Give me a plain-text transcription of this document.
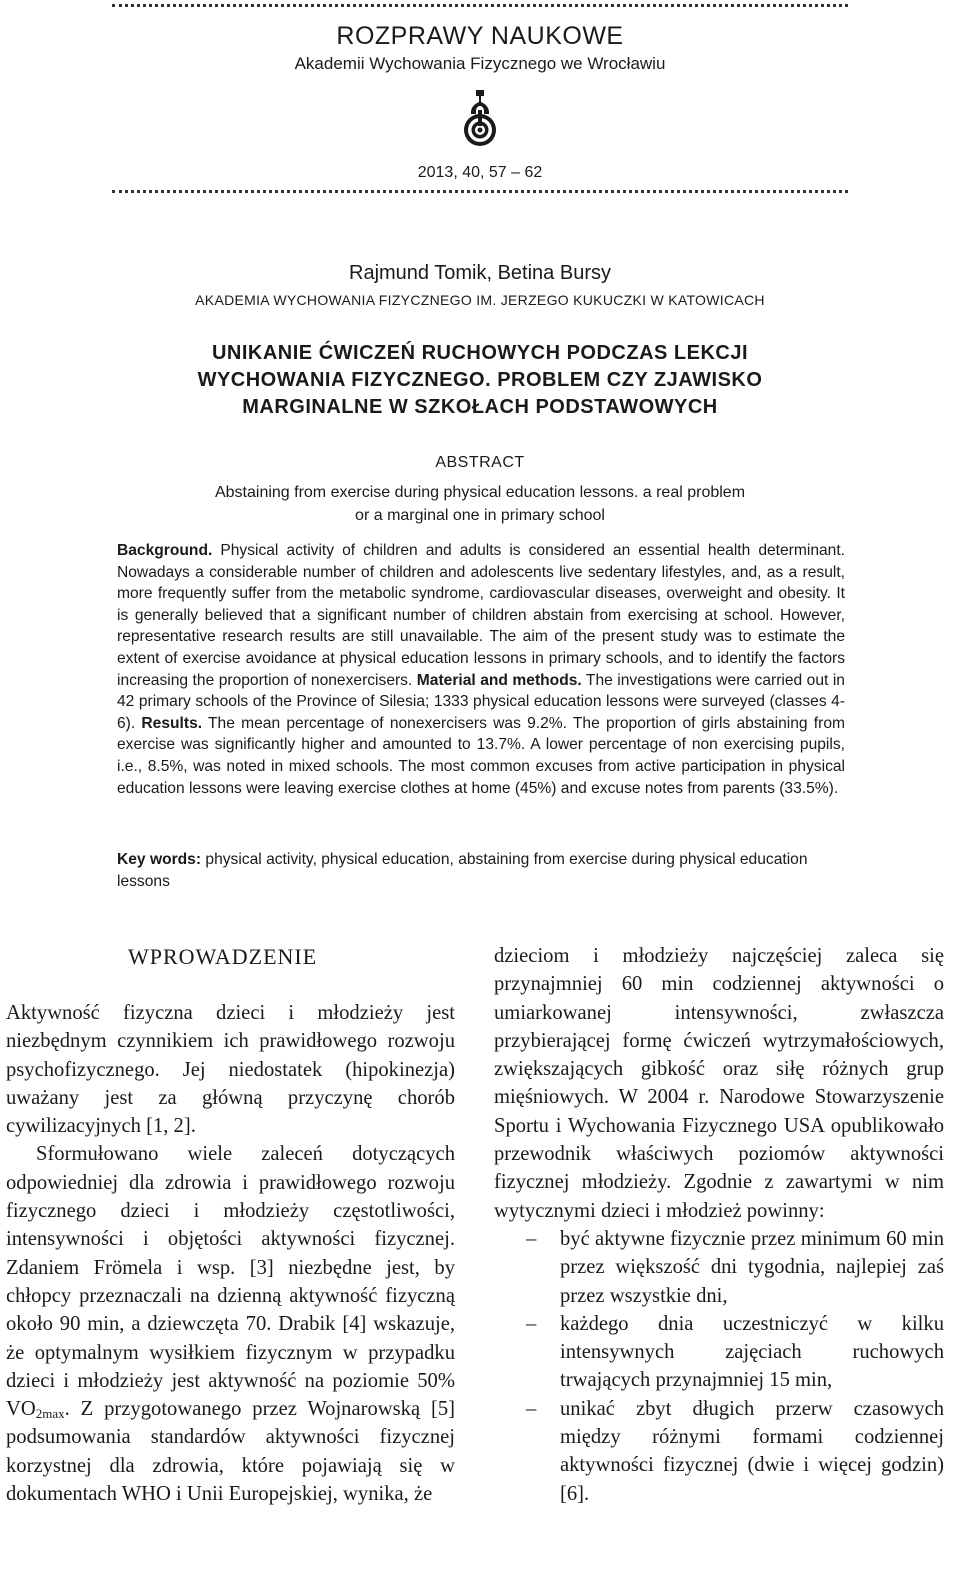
ROZPRAWY NAUKOWE
Akademii Wychowania Fizycznego we Wrocławiu
2013, 40, 57 – 62
Rajmund Tomik, Betina Bursy
AKADEMIA WYCHOWANIA FIZYCZNEGO IM. JERZEGO KUKUCZKI W KATOWICACH
UNIKANIE ĆWICZEŃ RUCHOWYCH PODCZAS LEKCJI
WYCHOWANIA FIZYCZNEGO. PROBLEM CZY ZJAWISKO
MARGINALNE W SZKOŁACH PODSTAWOWYCH
ABSTRACT
Abstaining from exercise during physical education lessons. a real problem
or a marginal one in primary school
Background. Physical activity of children and adults is considered an essential health determinant. Nowadays a considerable number of children and adolescents live sedentary lifestyles, and, as a result, more frequently suffer from the metabolic syndrome, cardiovascular diseases, overweight and obesity. It is generally believed that a significant number of children abstain from exercising at school. However, representative research results are still unavailable. The aim of the present study was to estimate the extent of exercise avoidance at physical education lessons in primary schools, and to identify the factors increasing the proportion of nonexercisers. Material and methods. The investigations were carried out in 42 primary schools of the Province of Silesia; 1333 physical education lessons were surveyed (classes 4-6). Results. The mean percentage of nonexercisers was 9.2%. The proportion of girls abstaining from exercise was significantly higher and amounted to 13.7%. A lower percentage of non exercising pupils, i.e., 8.5%, was noted in mixed schools. The most common excuses from active participation in physical education lessons were leaving exercise clothes at home (45%) and excuse notes from parents (33.5%).
Key words: physical activity, physical education, abstaining from exercise during physical education lessons
WPROWADZENIE

Aktywność fizyczna dzieci i młodzieży jest niezbędnym czynnikiem ich prawidłowego rozwoju psychofizycznego. Jej niedostatek (hipokinezja) uważany jest za główną przyczynę chorób cywilizacyjnych [1, 2].

Sformułowano wiele zaleceń dotyczących odpowiedniej dla zdrowia i prawidłowego rozwoju fizycznego dzieci i młodzieży częstotliwości, intensywności i objętości aktywności fizycznej. Zdaniem Frömela i wsp. [3] niezbędne jest, by chłopcy przeznaczali na dzienną aktywność fizyczną około 90 min, a dziewczęta 70. Drabik [4] wskazuje, że optymalnym wysiłkiem fizycznym w przypadku dzieci i młodzieży jest aktywność na poziomie 50% $VO_{2max}$. Z przygotowanego przez Wojnarowską [5] podsumowania standardów aktywności fizycznej korzystnej dla zdrowia, które pojawiają się w dokumentach WHO i Unii Europejskiej, wynika, że

dzieciom i młodzieży najczęściej zaleca się przynajmniej 60 min codziennej aktywności o umiarkowanej intensywności, zwłaszcza przybierającej formę ćwiczeń wytrzymałościowych, zwiększających gibkość oraz siłę różnych grup mięśniowych. W 2004 r. Narodowe Stowarzyszenie Sportu i Wychowania Fizycznego USA opublikowało przewodnik właściwych poziomów aktywności fizycznej młodzieży. Zgodnie z zawartymi w nim wytycznymi dzieci i młodzież powinny:

– być aktywne fizycznie przez minimum 60 min przez większość dni tygodnia, najlepiej zaś przez wszystkie dni,
– każdego dnia uczestniczyć w kilku intensywnych zajęciach ruchowych trwających przynajmniej 15 min,
– unikać zbyt długich przerw czasowych między różnymi formami codziennej aktywności fizycznej (dwie i więcej godzin) [6].
